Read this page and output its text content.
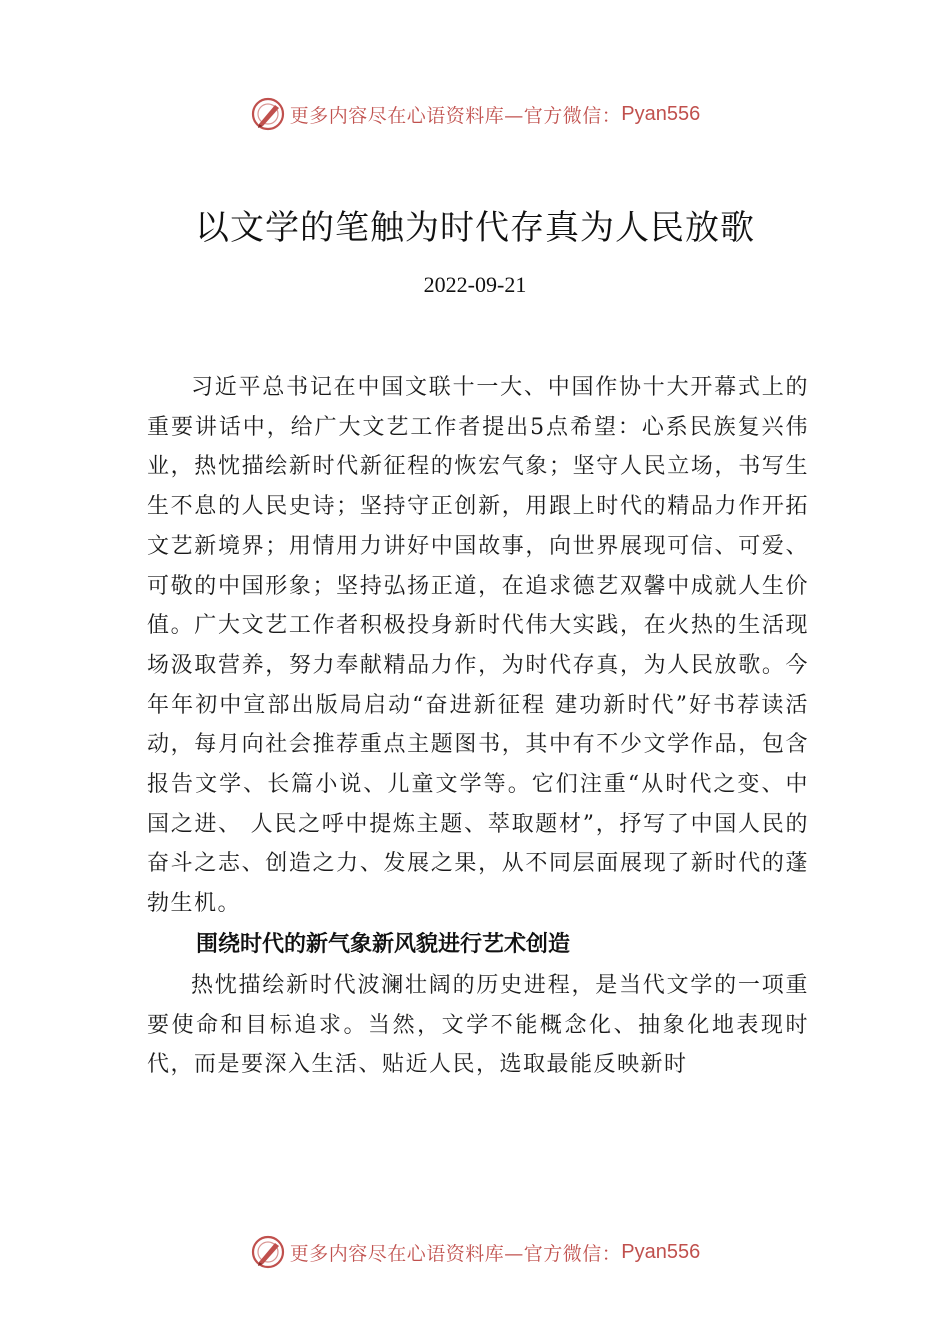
更多内容尽在心语资料库—官方微信： Pyan556
以文学的笔触为时代存真为人民放歌
2022-09-21

习近平总书记在中国文联十一大、中国作协十大开幕式上的重要讲话中，给广大文艺工作者提出5点希望：心系民族复兴伟业，热忱描绘新时代新征程的恢宏气象；坚守人民立场，书写生生不息的人民史诗；坚持守正创新，用跟上时代的精品力作开拓文艺新境界；用情用力讲好中国故事，向世界展现可信、可爱、可敬的中国形象；坚持弘扬正道，在追求德艺双馨中成就人生价值。广大文艺工作者积极投身新时代伟大实践，在火热的生活现场汲取营养，努力奉献精品力作，为时代存真，为人民放歌。今年年初中宣部出版局启动“奋进新征程 建功新时代”好书荐读活动，每月向社会推荐重点主题图书，其中有不少文学作品，包含报告文学、长篇小说、儿童文学等。它们注重“从时代之变、中国之进、 人民之呼中提炼主题、萃取题材”，抒写了中国人民的奋斗之志、创造之力、发展之果，从不同层面展现了新时代的蓬勃生机。

围绕时代的新气象新风貌进行艺术创造

热忱描绘新时代波澜壮阔的历史进程，是当代文学的一项重要使命和目标追求。当然，文学不能概念化、抽象化地表现时代，而是要深入生活、贴近人民，选取最能反映新时

更多内容尽在心语资料库—官方微信： Pyan556
